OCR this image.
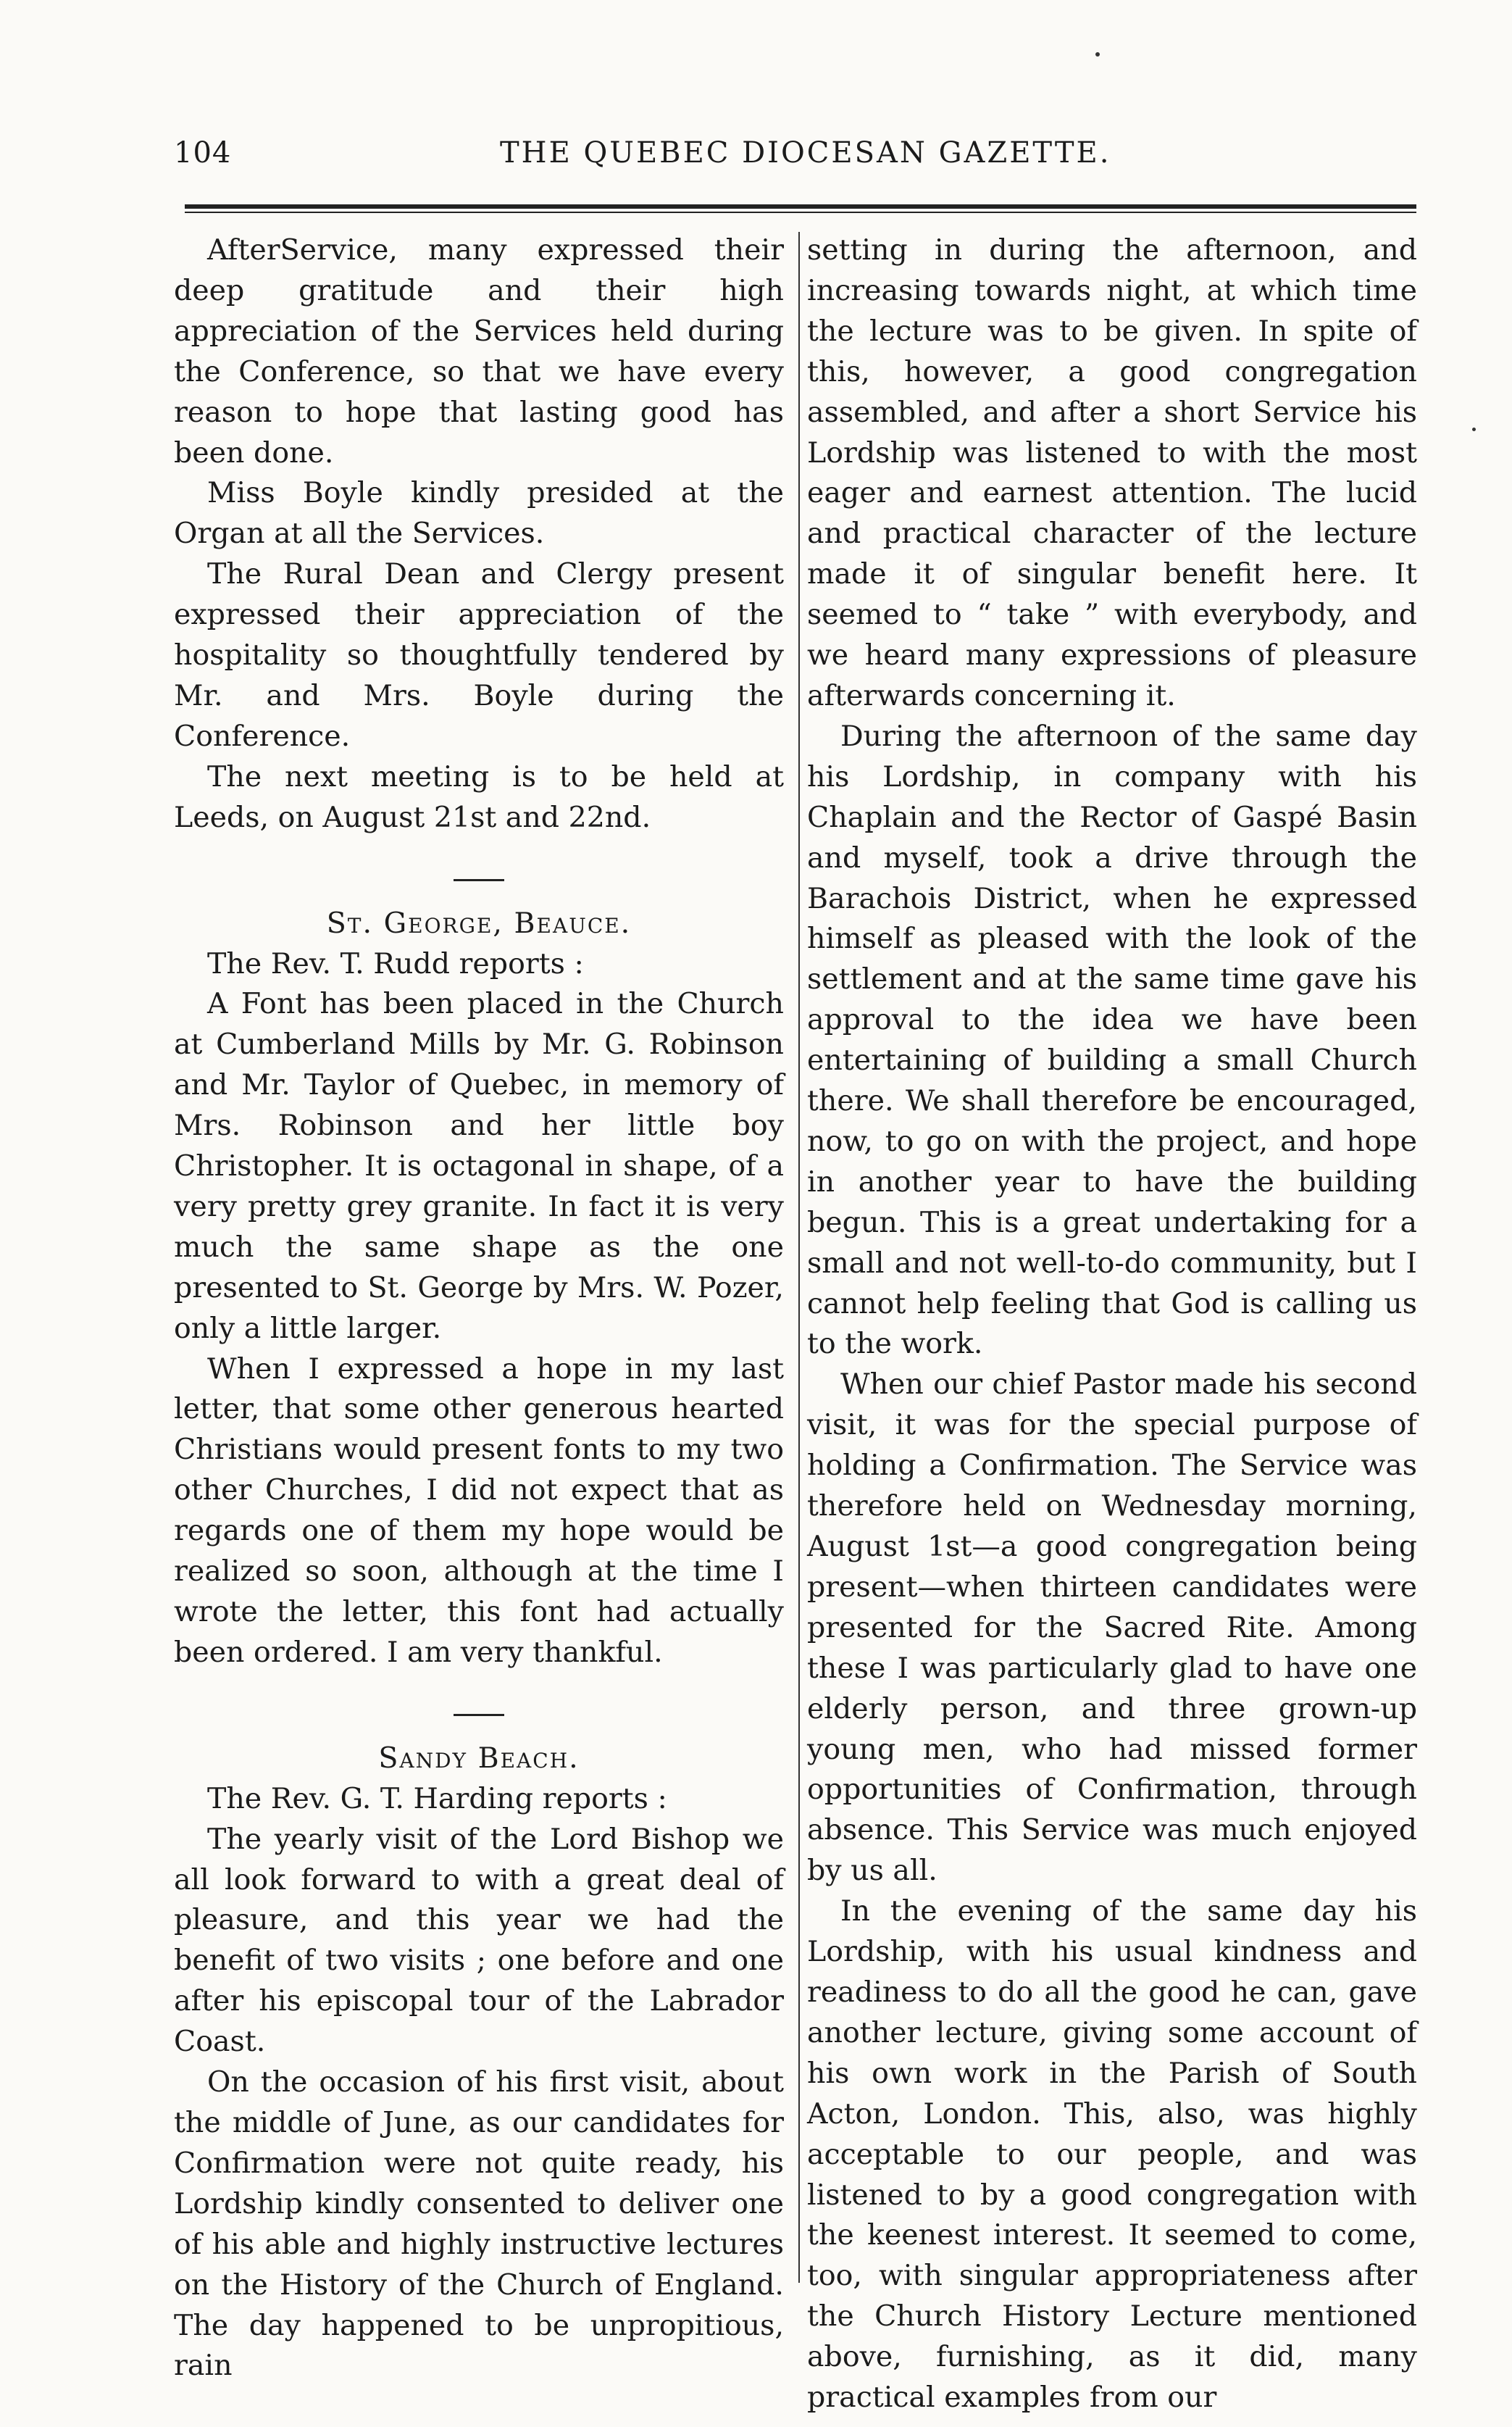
104	THE QUEBEC DIOCESAN GAZETTE.

AfterService, many expressed their deep gratitude and their high appreciation of the Services held during the Conference, so that we have every reason to hope that lasting good has been done.

Miss Boyle kindly presided at the Organ at all the Services.

The Rural Dean and Clergy present expressed their appreciation of the hospitality so thoughtfully tendered by Mr. and Mrs. Boyle during the Conference.

The next meeting is to be held at Leeds, on August 21st and 22nd.

St. George, Beauce.

The Rev. T. Rudd reports :

A Font has been placed in the Church at Cumberland Mills by Mr. G. Robinson and Mr. Taylor of Quebec, in memory of Mrs. Robinson and her little boy Christopher. It is octagonal in shape, of a very pretty grey granite. In fact it is very much the same shape as the one presented to St. George by Mrs. W. Pozer, only a little larger.

When I expressed a hope in my last letter, that some other generous hearted Christians would present fonts to my two other Churches, I did not expect that as regards one of them my hope would be realized so soon, although at the time I wrote the letter, this font had actually been ordered. I am very thankful.

Sandy Beach.

The Rev. G. T. Harding reports :

The yearly visit of the Lord Bishop we all look forward to with a great deal of pleasure, and this year we had the benefit of two visits ; one before and one after his episcopal tour of the Labrador Coast.

On the occasion of his first visit, about the middle of June, as our candidates for Confirmation were not quite ready, his Lordship kindly consented to deliver one of his able and highly instructive lectures on the History of the Church of England. The day happened to be unpropitious, rain

setting in during the afternoon, and increasing towards night, at which time the lecture was to be given. In spite of this, however, a good congregation assembled, and after a short Service his Lordship was listened to with the most eager and earnest attention. The lucid and practical character of the lecture made it of singular benefit here. It seemed to “ take ” with everybody, and we heard many expressions of pleasure afterwards concerning it.

During the afternoon of the same day his Lordship, in company with his Chaplain and the Rector of Gaspé Basin and myself, took a drive through the Barachois District, when he expressed himself as pleased with the look of the settlement and at the same time gave his approval to the idea we have been entertaining of building a small Church there. We shall therefore be encouraged, now, to go on with the project, and hope in another year to have the building begun. This is a great undertaking for a small and not well-to-do community, but I cannot help feeling that God is calling us to the work.

When our chief Pastor made his second visit, it was for the special purpose of holding a Confirmation. The Service was therefore held on Wednesday morning, August 1st—a good congregation being present—when thirteen candidates were presented for the Sacred Rite. Among these I was particularly glad to have one elderly person, and three grown-up young men, who had missed former opportunities of Confirmation, through absence. This Service was much enjoyed by us all.

In the evening of the same day his Lordship, with his usual kindness and readiness to do all the good he can, gave another lecture, giving some account of his own work in the Parish of South Acton, London. This, also, was highly acceptable to our people, and was listened to by a good congregation with the keenest interest. It seemed to come, too, with singular appropriateness after the Church History Lecture mentioned above, furnishing, as it did, many practical examples from our
